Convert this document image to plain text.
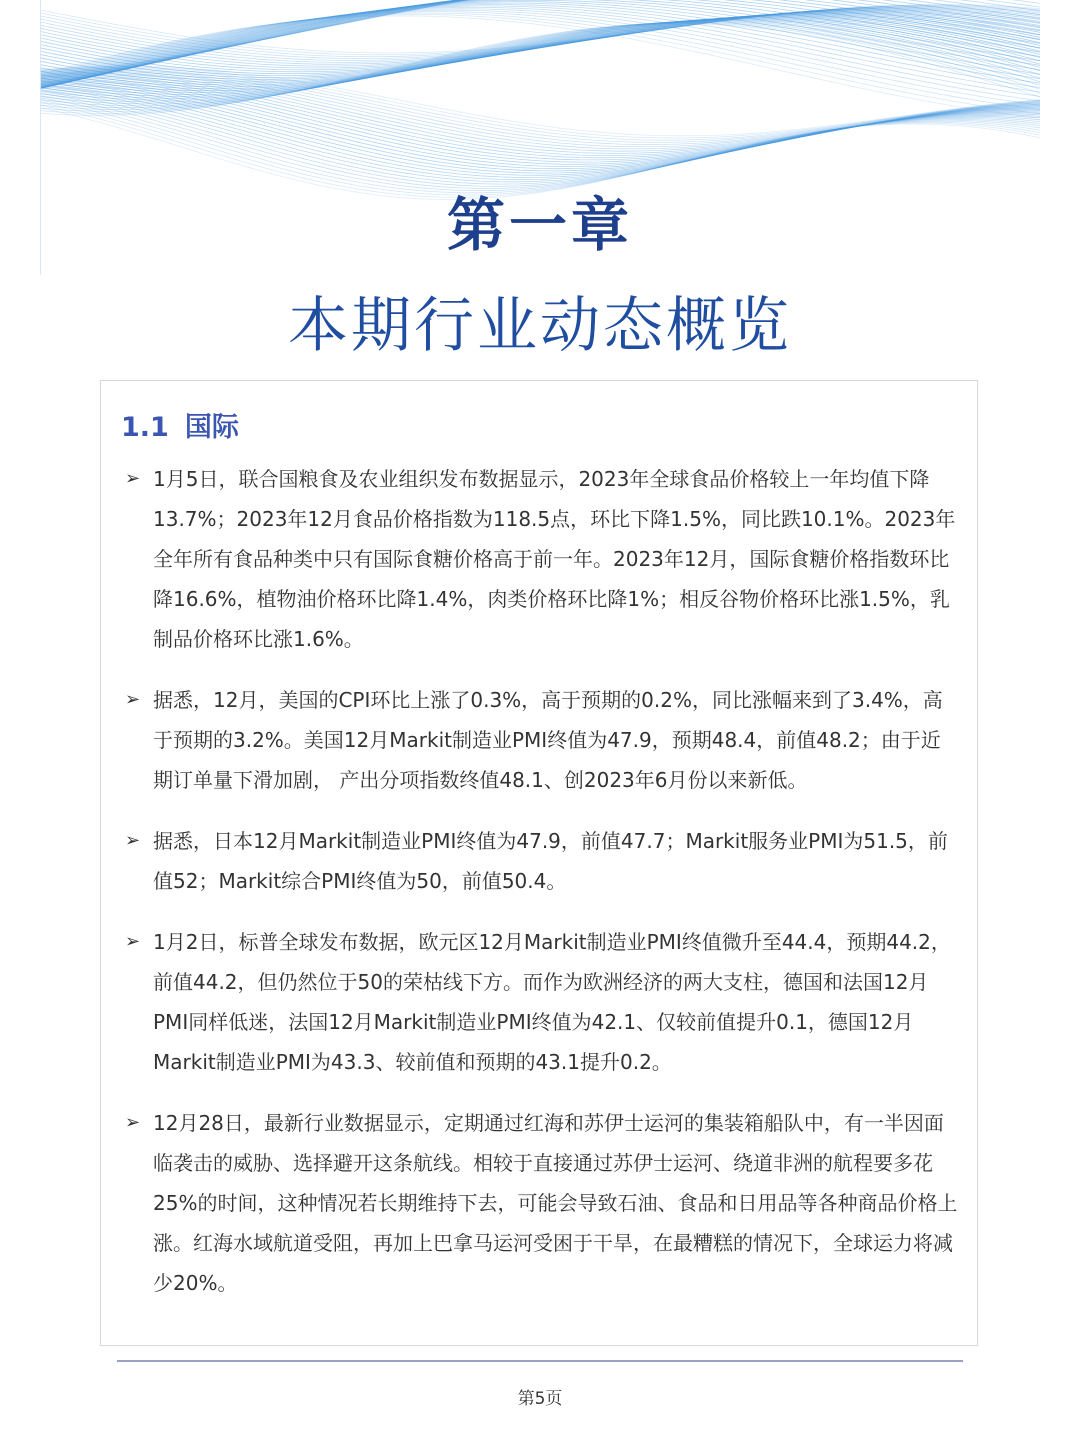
第一章
本期行业动态概览
1.1 国际
➢ 1月5日，联合国粮食及农业组织发布数据显示，2023年全球食品价格较上一年均值下降13.7%；2023年12月食品价格指数为118.5点，环比下降1.5%，同比跌10.1%。2023年全年所有食品种类中只有国际食糖价格高于前一年。2023年12月，国际食糖价格指数环比降16.6%，植物油价格环比降1.4%，肉类价格环比降1%；相反谷物价格环比涨1.5%，乳制品价格环比涨1.6%。
➢ 据悉，12月，美国的CPI环比上涨了0.3%，高于预期的0.2%，同比涨幅来到了3.4%，高于预期的3.2%。美国12月Markit制造业PMI终值为47.9，预期48.4，前值48.2；由于近期订单量下滑加剧， 产出分项指数终值48.1、创2023年6月份以来新低。
➢ 据悉，日本12月Markit制造业PMI终值为47.9，前值47.7；Markit服务业PMI为51.5，前值52；Markit综合PMI终值为50，前值50.4。
➢ 1月2日，标普全球发布数据，欧元区12月Markit制造业PMI终值微升至44.4，预期44.2，前值44.2，但仍然位于50的荣枯线下方。而作为欧洲经济的两大支柱，德国和法国12月PMI同样低迷，法国12月Markit制造业PMI终值为42.1、仅较前值提升0.1，德国12月Markit制造业PMI为43.3、较前值和预期的43.1提升0.2。
➢ 12月28日，最新行业数据显示，定期通过红海和苏伊士运河的集装箱船队中，有一半因面临袭击的威胁、选择避开这条航线。相较于直接通过苏伊士运河、绕道非洲的航程要多花25%的时间，这种情况若长期维持下去，可能会导致石油、食品和日用品等各种商品价格上涨。红海水域航道受阻，再加上巴拿马运河受困于干旱，在最糟糕的情况下，全球运力将减少20%。
第5页
